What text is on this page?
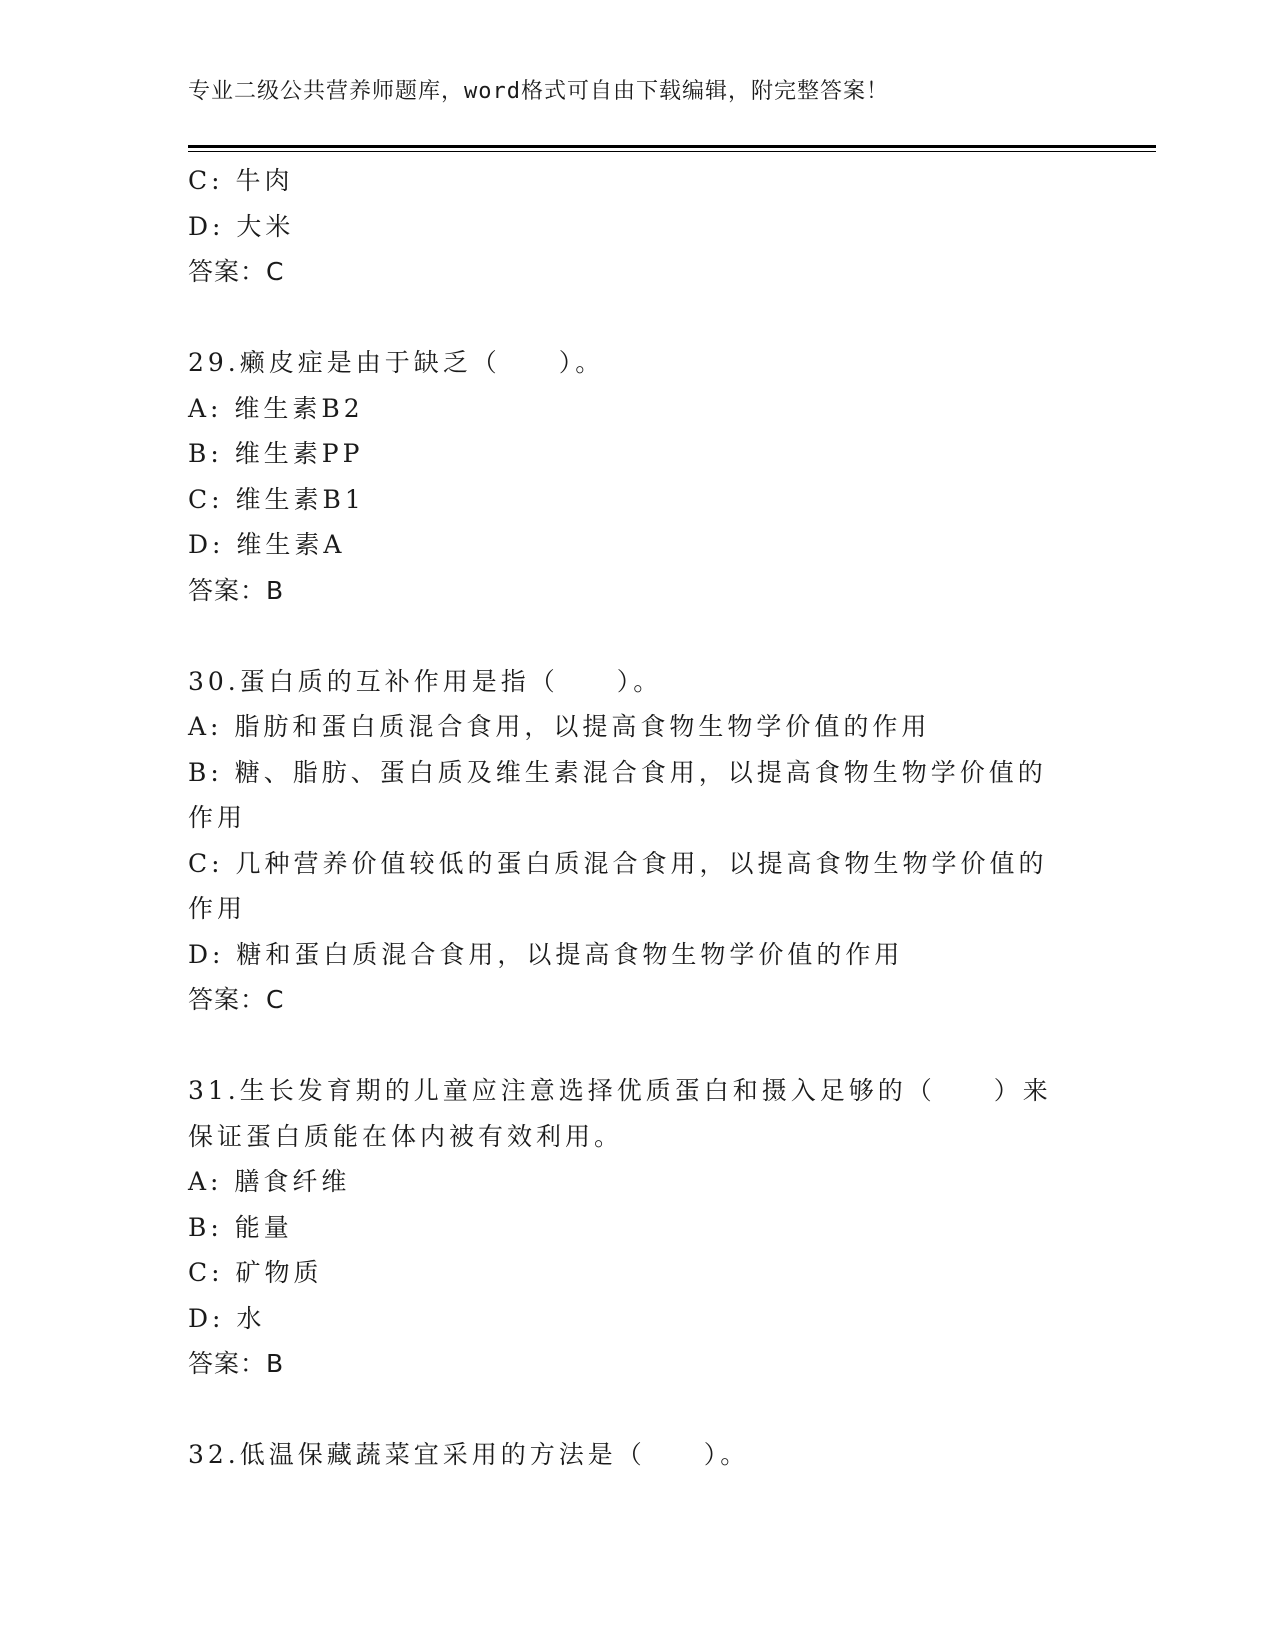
专业二级公共营养师题库，word格式可自由下载编辑，附完整答案！
C: 牛肉
D: 大米
答案：C
29.癞皮症是由于缺乏（　　）。
A: 维生素B2
B: 维生素PP
C: 维生素B1
D: 维生素A
答案：B
30.蛋白质的互补作用是指（　　）。
A: 脂肪和蛋白质混合食用，以提高食物生物学价值的作用
B: 糖、脂肪、蛋白质及维生素混合食用，以提高食物生物学价值的作用
C: 几种营养价值较低的蛋白质混合食用，以提高食物生物学价值的作用
D: 糖和蛋白质混合食用，以提高食物生物学价值的作用
答案：C
31.生长发育期的儿童应注意选择优质蛋白和摄入足够的（　　）来保证蛋白质能在体内被有效利用。
A: 膳食纤维
B: 能量
C: 矿物质
D: 水
答案：B
32.低温保藏蔬菜宜采用的方法是（　　）。
